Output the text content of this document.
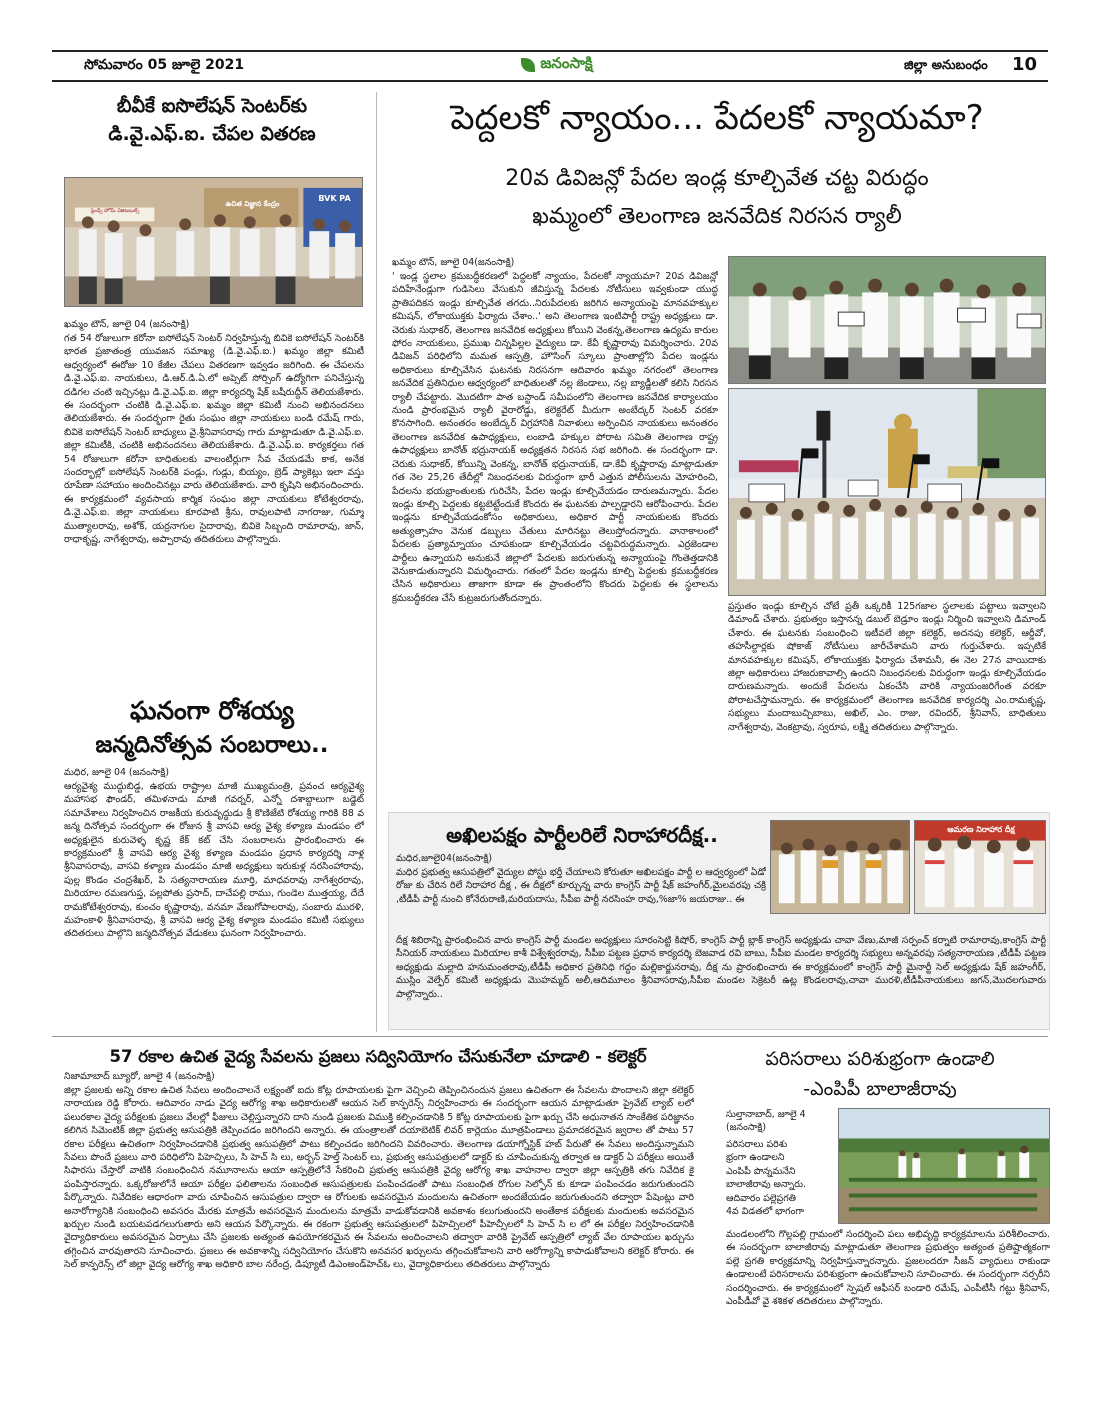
సోమవారం 05 జూలై 2021	జనంసాక్షి	జిల్లా అనుబంధం 10
బీవీకే ఐసొలేషన్ సెంటర్‌కు
డి.వై.ఎఫ్.ఐ. చేపల వితరణ
ఫ్రెండ్స్ హోమ్ వెజిటబుల్స్
ఉచిత విజ్ఞాన కేంద్రం
BVK PA
ఖమ్మం టౌన్, జూలై 04 (జనంసాక్షి)
గత 54 రోజులుగా కరోనా ఐసోలేషన్ సెంటర్ నిర్వహిస్తున్న బివికె ఐసోలేషన్ సెంటర్‌కి భారత ప్రజాతంత్ర యువజన సమాఖ్య (డి.వై.ఎఫ్.ఐ.) ఖమ్మం జిల్లా కమిటీ ఆధ్వర్యంలో ఈరోజు 10 కేజీల చేపలు వితరణగా ఇవ్వడం జరిగింది. ఈ చేపలను డి.వై.ఎఫ్.ఐ. నాయకులు, డి.ఆర్.డి.ఏ.లో అప్సెట్ సోర్సింగ్ ఉద్యోగిగా పనిచేస్తున్న దడిగల చంటి ఇచ్చినట్లు డి.వై.ఎఫ్.ఐ. జిల్లా కార్యదర్శి షేక్ బషీరుద్దీన్ తెలియజేశారు. ఈ సందర్భంగా చంటికి డి.వై.ఎఫ్.ఐ. ఖమ్మం జిల్లా కమిటీ నుంచి అభినందనలు తెలియజేశారు. ఈ సందర్భంగా రైతు సంఘం జిల్లా నాయకులు బండి రమేష్ గారు, బివికె ఐసోలేషన్ సెంటర్ బాధ్యులు వై.శ్రీనివాసరావు గారు మాట్లాడుతూ డి.వై.ఎఫ్.ఐ. జిల్లా కమిటీకి, చంటికి అభినందనలు తెలియజేశారు. డి.వై.ఎఫ్.ఐ. కార్యకర్తలు గత 54 రోజులుగా కరోనా బాధితులకు వాలంటీర్లుగా సేవ చేయడమే కాక, అనేక సందర్భాల్లో ఐసోలేషన్ సెంటర్‌కి పండ్లు, గుడ్లు, బియ్యం, బ్రెడ్ ప్యాకెట్లు ఇలా వస్తు రూపేణా సహాయం అందించినట్లు వారు తెలియజేశారు. వారి కృషిని అభినందించారు. ఈ కార్యక్రమంలో వ్యవసాయ కార్మిక సంఘం జిల్లా నాయకులు కోటేశ్వరరావు, డి.వై.ఎఫ్.ఐ. జిల్లా నాయకులు కూరపాటి శ్రీను, రావులపాటి నాగరాజు, గుమ్మా ముత్యాలరావు, అశోక్, యర్రనాగుల సైదారావు, బివికె సిబ్బంది రామారావు, జాన్, రాధాకృష్ణ, నాగేశ్వరావు, అప్పారావు తదితరులు పాల్గొన్నారు.
ఘనంగా రోశయ్య
జన్మదినోత్సవ సంబరాలు..
మధిర, జూలై 04 (జనంసాక్షి)
ఆర్యవైశ్య ముద్దుబిడ్డ, ఉభయ రాష్ట్రాల మాజీ ముఖ్యమంత్రి, ప్రవంచ ఆర్యవైశ్య మహాసభ ఫౌండర్, తమిళనాడు మాజీ గవర్నర్, ఎన్నో దశాబ్దాలుగా బడ్జెట్ సమావేశాలు నిర్వహించిన రాజకీయ కురువృద్ధుడు శ్రీ కొణిజేటి రోశయ్య గారికి 88 వ జన్మ దినోత్సవ సందర్భంగా ఈ రోజున శ్రీ వాసవి ఆర్య వైశ్య కళ్యాణ మండపం లో అధ్యక్షులైన కురువెళ్ళ కృష్ణ కేక్ కట్ చేసి సంబరాలను ప్రారంభించారు ఈ కార్యక్రమంలో శ్రీ వాసవి ఆర్య వైశ్య కళ్యాణ మండపం ప్రధాన కార్యదర్శి నాళ్ల శ్రీనివాసరావు, వాసవి కళ్యాణ మండపం మాజీ అధ్యక్షులు ఇరుకుళ్ల నరసింహారావు, పుల్ల కొండం చంద్రశేఖర్, పి సత్యనారాయణ మూర్తి, మాధవరావు నాగేశ్వరరావు, మిరియాల రమణగుప్త, పల్లపోతు ప్రసాద్, దాచేపల్లి రాము, గుండెల ముత్తయ్య, దేదే రామకోటేశ్వరరావు, కుంచం కృష్ణారావు, వనమా వేణుగోపాలరావు, సంబారు మురళి, మహంకాళి శ్రీనివాసరావు, శ్రీ వాసవి ఆర్య వైశ్య కళ్యాణ మండపం కమిటీ సభ్యులు తదితరులు పాల్గొని జన్మదినోత్సవ వేడుకలు ఘనంగా నిర్వహించారు.
పెద్దలకో న్యాయం... పేదలకో న్యాయమా?
20వ డివిజన్లో పేదల ఇండ్ల కూల్చివేత చట్ట విరుద్ధం
ఖమ్మంలో తెలంగాణ జనవేదిక నిరసన ర్యాలీ
ఖమ్మం టౌన్, జూలై 04(జనంసాక్షి)
' ఇండ్ల స్థలాల క్రమబద్ధీకరణలో పెద్దలకో న్యాయం, పేదలకో న్యాయమా? 20వ డివిజన్లో పదిహేనేండ్లుగా గుడిసెలు వేసుకుని జీవిస్తున్న పేదలకు నోటీసులు ఇవ్వకుండా యుద్ధ ప్రాతిపదికన ఇండ్లు కూల్చివేత తగదు..నిరుపేదలకు జరిగిన అన్యాయంపై మానవహక్కుల కమిషన్, లోకాయుక్తకు ఫిర్యాదు చేశాం..' అని తెలంగాణ ఇంటిపార్టీ రాష్ట్ర అధ్యక్షులు డా. చెరుకు సుధాకర్, తెలంగాణ జనవేదిక అధ్యక్షులు కోయిని వెంకన్న,తెలంగాణ ఉద్యమ కారుల ఫోరం నాయకులు, ప్రముఖ చిన్నపిల్లల వైద్యులు డా. కేవీ కృష్ణారావు విమర్శించారు. 20వ డివిజన్ పరిధిలోని మమత ఆస్పత్రి, హౌసింగ్ స్కూలు ప్రాంతాల్లోని పేదల ఇండ్లను అధికారులు కూల్చివేసిన ఘటనకు నిరసనగా ఆదివారం ఖమ్మం నగరంలో తెలంగాణ జనవేదిక ప్రతినిధుల ఆధ్వర్యంలో బాధితులతో నల్ల జెండాలు, నల్ల బ్యాడ్జీలతో కలిసి నిరసన ర్యాలీ చేపట్టారు. మొదటిగా పాత బస్టాండ్ సమీపంలోని తెలంగాణ జనవేదిక కార్యాలయం నుండి ప్రారంభమైన ర్యాలీ వైరారోడ్డు, కలెక్టరేట్ మీదుగా అంబేద్కర్ సెంటర్ వరకూ కొనసాగింది. అనంతరం అంబేద్కర్ విగ్రహానికి నివాళులు అర్పించిన నాయకులు అనంతరం తెలంగాణ జనవేదిక ఉపాధ్యక్షులు, లంబాడి హక్కుల పోరాట సమితి తెలంగాణ రాష్ట్ర ఉపాధ్యక్షులు బానోత్ భద్రునాయక్ అధ్యక్షతన నిరసన సభ జరిగింది. ఈ సందర్భంగా డా. చెరుకు సుధాకర్, కోయిన్ని వెంకన్న, బానోత్ భద్రునాయక్, డా.కేవీ కృష్ణారావు మాట్లాడుతూ గత నెల 25,26 తేదీల్లో నిబంధనలకు విరుద్ధంగా భారీ ఎత్తున పోలీసులను మోహరించి, పేదలను భయభ్రాంతులకు గురిచేసి, పేదల ఇండ్లు కూల్చివేయడం దారుణమన్నారు. పేదల ఇండ్లు కూల్చి పెద్దలకు కట్టబెట్టేందుకే కొందరు ఈ ఘటనకు పాల్పడ్డారని ఆరోపించారు. పేదల ఇండ్లను కూల్చివేయడంకోసం అధికారులు, అధికార పార్టీ నాయకులకు కొందరు అత్యుత్సాహం వెనుక డబ్బులు చేతులు మారినట్టు తెలుస్తోందన్నారు. వానాకాలంలో పేదలకు ప్రత్యామ్నాయం చూపకుండా కూల్చివేయడం చట్టవిరుద్ధమన్నారు. ఎర్రజెండాల పార్టీలు ఉన్నాయని అనుకునే జిల్లాలో పేదలకు జరుగుతున్న అన్యాయంపై గొంతెత్తడానికి వెనుకాడుతున్నారని విమర్శించారు. గతంలో పేదల ఇండ్లను కూల్చి పెద్దలకు క్రమబద్ధీకరణ చేసిన అధికారులు తాజాగా కూడా ఈ ప్రాంతంలోని కొందరు పెద్దలకు ఈ స్థలాలను క్రమబద్ధీకరణ చేసే కుట్రజరుగుతోందన్నారు.
ప్రస్తుతం ఇండ్లు కూల్చిన చోటే ప్రతీ ఒక్కరికీ 125గజాల స్థలాలకు పట్టాలు ఇవ్వాలని డిమాండ్ చేశారు. ప్రభుత్వం ఇస్తానన్న డబుల్ బెడ్రూం ఇండ్లు నిర్మించి ఇవ్వాలని డిమాండ్ చేశారు. ఈ ఘటనకు సంబంధించి ఇటీవలే జిల్లా కలెక్టర్, అదనపు కలెక్టర్, ఆర్డీవో, తహసీల్దార్లకు షోకాజ్ నోటీసులు జారీచేశామని వారు గుర్తుచేశారు. ఇప్పటికే మానవహక్కుల కమిషన్, లోకాయుక్తకు ఫిర్యాదు చేశామనీ, ఈ నెల 27న వాయిదాకు జిల్లా అధికారులు హాజరుకావాల్సి ఉందని నిబంధనలకు విరుద్ధంగా ఇండ్లు కూల్చివేయడం దారుణమన్నారు. అందుకే పేదలను ఏకంచేసి వారికి న్యాయంజరిగేంత వరకూ పోరాటచేస్తామన్నారు. ఈ కార్యక్రమంలో తెలంగాణ జనవేదిక కార్యదర్శి ఎం.రామకృష్ణ, సభ్యులు మందాబుచ్చిబాబు, అఖిల్, ఎం. రాజు, రవిందర్, శ్రీనివాస్, బాధితులు నాగేశ్వరావు, వెంకట్రావు, స్వరూప, లక్ష్మి తదితరులు పాల్గొన్నారు.
అఖిలపక్షం పార్టీలరిలే నిరాహారదీక్ష..
మధిర,జూలై04(జనంసాక్షి)
మధిర ప్రభుత్వ ఆసుపత్రిలో వైద్యుల పోస్టు భర్తీ చేయాలని కోరుతూ అఖిలపక్షం పార్టీ ల ఆధ్వర్యంలో ఏడో రోజు కు చేరిన రిలే నిరాహార దీక్ష , ఈ దీక్షలో కూర్చున్న వారు కాంగ్రెస్ పార్టీ షేక్ జహంగీర్,మైలవరపు చక్రి ,టీడీపీ పార్టీ నుంచి కోనేరురాణి,మరియదాసు, సీపీఐ పార్టీ నరసింహ రావు,%జా% జయరాజు.. ఈ
ఆమరణ నిరాహార దీక్ష
దీక్ష శిబిరాన్ని ప్రారంభించిన వారు కాంగ్రెస్ పార్టీ మండల అధ్యక్షులు సూరంసెట్టి కిషోర్, కాంగ్రెస్ పార్టీ బ్లాక్ కాంగ్రెస్ అధ్యక్షుడు చావా వేణు,మాజీ సర్పంచ్ కర్నాటి రామారావు,కాంగ్రెస్ పార్టీ సీనియర్ నాయకులు మిరియాల కాశీ విశ్వేశ్వరరావు, సీపీఐ పట్టణ ప్రధాన కార్యదర్శి బెజవాడ రవి బాబు, సీపీఐ మండల కార్యదర్శి సభ్యులు అన్నవరపు సత్యనారాయణ ,టీడీపీ పట్టణ అధ్యక్షుడు మల్లాది హనుమంతరావు,టీడీపీ అధికార ప్రతినిధి గద్దం మల్లికార్జునరావు, దీక్ష ను ప్రారంభించారు ఈ కార్యక్రమంలో కాంగ్రెస్ పార్టీ మైనార్టీ సెల్ అధ్యక్షుడు షేక్ జహంగీర్, ముస్లిం వెల్ఫేర్ కమిటీ అధ్యక్షుడు మొహమ్మద్ అలీ,ఆదిమూలం శ్రీనివాసరావు,సీపీఐ మండల సెక్రెటరీ ఉట్ల కొండలరావు,చావా మురళి,టీడీపీనాయకులు జగన్,మొదలగువారు పాల్గొన్నారు..
57 రకాల ఉచిత వైద్య సేవలను ప్రజలు సద్వినియోగం చేసుకునేలా చూడాలి - కలెక్టర్
నిజామాబాద్ బ్యూరో, జూలై 4 (జనంసాక్షి)
జిల్లా ప్రజలకు అన్ని రకాల ఉచిత సేవలు అందించాలనే లక్ష్యంతో ఐదు కోట్ల రూపాయలకు పైగా వెచ్చించి తెప్పించినందున ప్రజలు ఉచితంగా ఈ సేవలను పొందాలని జిల్లా కలెక్టర్ నారాయణ రెడ్డి కోరారు. ఆదివారం నాడు వైద్య ఆరోగ్య శాఖ అధికారులతో ఆయన సెల్ కాన్ఫరెన్స్ నిర్వహించారు ఈ సందర్భంగా ఆయన మాట్లాడుతూ ప్రైవేట్ ల్యాబ్ లలో పలురకాల వైద్య పరీక్షలకు ప్రజలు వేలల్లో ఫీజులు చెల్లిస్తున్నారని దాని నుండి ప్రజలకు విముక్తి కల్పించడానికి 5 కోట్ల రూపాయలకు పైగా ఖర్చు చేసి అధునాతన సాంకేతిక పరిజ్ఞానం కలిగిన సిమెంటిక్ జిల్లా ప్రభుత్వ ఆసుపత్రికి తెప్పించడం జరిగిందని అన్నారు. ఈ యంత్రాలతో దయాబెటిక్ లివర్ కార్లెయం మూత్రపిండాలు ప్రమాదకరమైన జ్వరాల తో పాటు 57 రకాల పరీక్షలు ఉచితంగా నిర్వహించడానికి ప్రభుత్వ ఆసుపత్రిలో పాటు కల్పించడం జరిగిందని వివరించారు. తెలంగాణ డయాగ్నోస్టిక్ హబ్ పేరుతో ఈ సేవలు అందిస్తున్నామని సేవలు పొందే ప్రజలు వారి పరిధిలోని పిహెచ్సిలు, సి హెచ్ సి లు, అర్బన్ హెల్త్ సెంటర్ లు, ప్రభుత్వ ఆసుపత్రులలో డాక్టర్ కు చూపించుకున్న తర్వాత ఆ డాక్టర్ ఏ పరీక్షలు అయితే సిఫారసు చేస్తారో వాటికి సంబంధించిన నమూనాలను ఆయా ఆస్పత్రిలోనే సేకరించి ప్రభుత్వ ఆసుపత్రికి వైద్య ఆరోగ్య శాఖ వాహనాల ద్వారా జిల్లా ఆస్పత్రికి తగు నివేదిక కై పంపిస్తారన్నారు. ఒక్కరోజులోనే ఆయా పరీక్షల ఫలితాలను సంబంధిత ఆసుపత్రులకు పంపించడంతో పాటు సంబంధిత రోగుల సెల్ఫోన్ కు కూడా పంపించడం జరుగుతుందని పేర్కొన్నారు. నివేదికల ఆధారంగా వారు చూపించిన ఆసుపత్రుల ద్వారా ఆ రోగులకు అవసరమైన మందులను ఉచితంగా అందజేయడం జరుగుతుందని తద్వారా పేషెంట్లు వారి అనారోగ్యానికి సంబంధించి అవసరం మేరకు మాత్రమే అవసరమైన మందులను మాత్రమే వాడుకోవడానికి అవకాశం కలుగుతుందని అంతేకాక పరీక్షలకు మందులకు అవసరమైన ఖర్చుల నుండి బయటపడగలుగుతారు అని ఆయన పేర్కొన్నారు. ఈ రకంగా ప్రభుత్వ ఆసుపత్రులలో పిహెచ్సిలలో పీహెచ్సీలలో సి హెచ్ సి ల లో ఈ పరీక్షల నిర్వహించడానికి వైద్యాధికారులు అవసరమైన ఏర్పాటు చేసి ప్రజలకు అత్యంత ఉపయోగకరమైన ఈ సేవలను అందించాలని తద్వారా వారికి ప్రైవేట్ ఆస్పత్రిలో ల్యాబ్ వేల రూపాయల ఖర్చును తగ్గించిన వారవుతారని సూచించారు. ప్రజలు ఈ అవకాశాన్ని సద్వినియోగం చేసుకొని అనవసర ఖర్చులను తగ్గించుకోవాలని వారి ఆరోగ్యాన్ని కాపాడుకోవాలని కలెక్టర్ కోరారు. ఈ సెల్ కాన్ఫరెన్స్ లో జిల్లా వైద్య ఆరోగ్య శాఖ అధికారి బాల నరేంద్ర, డిప్యూటీ డిఎంఅండ్‌హెచ్ఓ లు, వైద్యాధికారులు తదితరులు పాల్గొన్నారు
పరిసరాలు పరిశుభ్రంగా ఉండాలి
-ఎంపిపీ బాలాజీరావు
సుల్తానాబాద్, జూలై 4
(జనంసాక్షి)
పరిసరాలు పరిశు
భ్రంగా ఉండాలని
ఎంపిపీ పొన్నమనేని
బాలాజీరావు అన్నారు.
ఆదివారం పల్లెప్రగతి
4వ విడతలో భాగంగా
మండలంలోని గొల్లపల్లి గ్రామంలో సందర్శించి పలు అభివృద్ది కార్యక్రమాలను పరిశీలించారు. ఈ సందర్భంగా బాలాజీరావు మాట్లాడుతూ తెలంగాణ ప్రభుత్వం అత్యంత ప్రతిష్టాత్మకంగా పల్లె ప్రగతి కార్యక్రమాన్ని నిర్వహిస్తున్నారన్నారు. ప్రజలందరూ సీజన్ వ్యాధులు రాకుండా ఉండాలంటే పరిసరాలను పరిశుభ్రంగా ఉంచుకోవాలని సూచించారు. ఈ సందర్భంగా నర్సరీని సందర్శించారు. ఈ కార్యక్రమంలో స్పెషల్ ఆఫీసర్ బండారి రమేష్, ఎంపీటీసీ గట్టు శ్రీనివాస్, ఎంపీడీవో వై శశికళ తదితరులు పాల్గొన్నారు.
